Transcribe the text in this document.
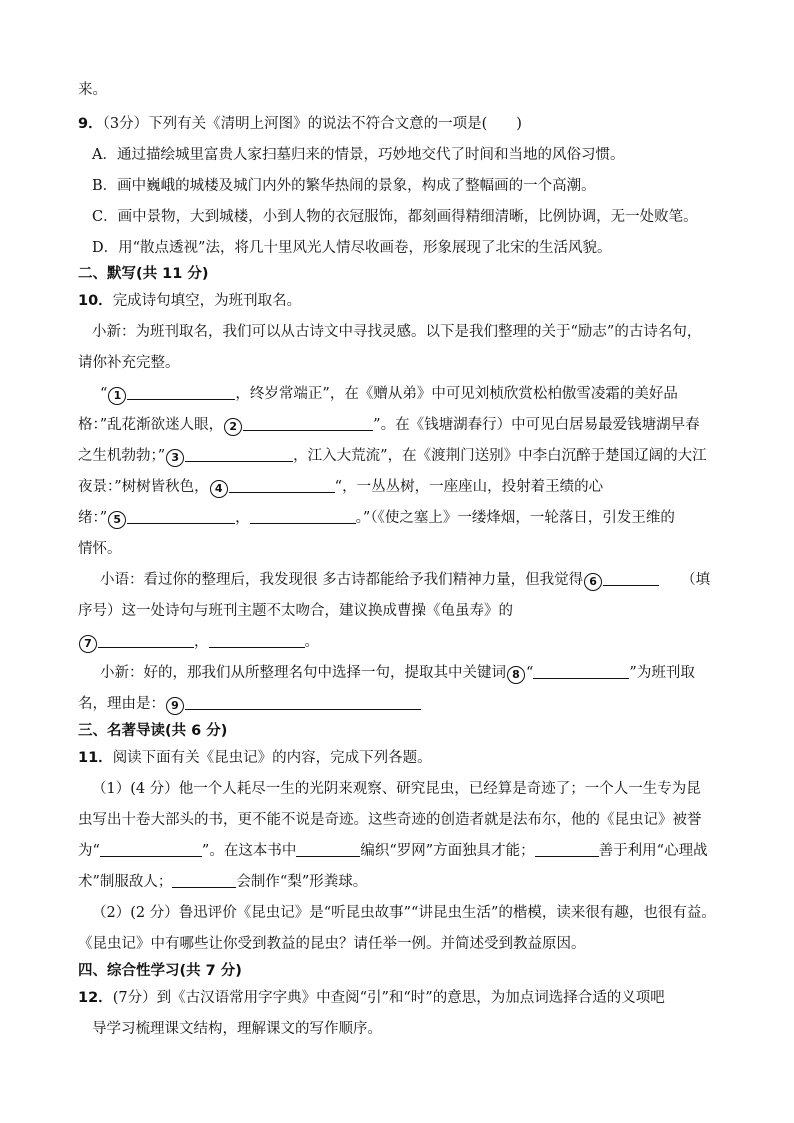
来。
9．（3分）下列有关《清明上河图》的说法不符合文意的一项是(　　)
A．通过描绘城里富贵人家扫墓归来的情景，巧妙地交代了时间和当地的风俗习惯。
B．画中巍峨的城楼及城门内外的繁华热闹的景象，构成了整幅画的一个高潮。
C．画中景物，大到城楼，小到人物的衣冠服饰，都刻画得精细清晰，比例协调，无一处败笔。
D．用“散点透视”法，将几十里风光人情尽收画卷，形象展现了北宋的生活风貌。
二、默写(共 11 分)
10．完成诗句填空，为班刊取名。
小新：为班刊取名，我们可以从古诗文中寻找灵感。以下是我们整理的关于“励志”的古诗名句，
请你补充完整。
“ 1	，终岁常端正”，在《赠从弟》中可见刘桢欣赏松柏傲雪凌霜的美好品
格：”乱花渐欲迷人眼， 2	”。在《钱塘湖春行）中可见白居易最爱钱塘湖早春
之生机勃勃；” 3	，江入大荒流”，在《渡荆门送别》中李白沉醉于楚国辽阔的大江
夜景：”树树皆秋色， 4	“，一丛丛树，一座座山，投射着王绩的心
绪：” 5	，	。”（《使之塞上》一缕烽烟，一轮落日，引发王维的
情怀。
小语：看过你的整理后，我发现很 多古诗都能给予我们精神力量，但我觉得 6	（填
序号）这一处诗句与班刊主题不太吻合，建议换成曹操《龟虽寿》的
7	，	。
小新：好的，那我们从所整理名句中选择一句，提取其中关键词 8 “	”为班刊取
名，理由是： 9
三、名著导读(共 6 分)
11．阅读下面有关《昆虫记》的内容，完成下列各题。
（1）(4 分）他一个人耗尽一生的光阴来观察、研究昆虫，已经算是奇迹了；一个人一生专为昆
虫写出十卷大部头的书，更不能不说是奇迹。这些奇迹的创造者就是法布尔，他的《昆虫记》被誉
为“	”。在这本书中	编织“罗网”方面独具才能；	善于利用“心理战
术”制服敌人；	会制作“梨”形粪球。
（2）(2 分）鲁迅评价《昆虫记》是“听昆虫故事”“讲昆虫生活”的楷模，读来很有趣，也很有益。
《昆虫记》中有哪些让你受到教益的昆虫？请任举一例。并简述受到教益原因。
四、综合性学习(共 7 分)
12．(7分）到《古汉语常用字字典》中查阅“引”和“时”的意思，为加点词选择合适的义项吧
导学习梳理课文结构，理解课文的写作顺序。
